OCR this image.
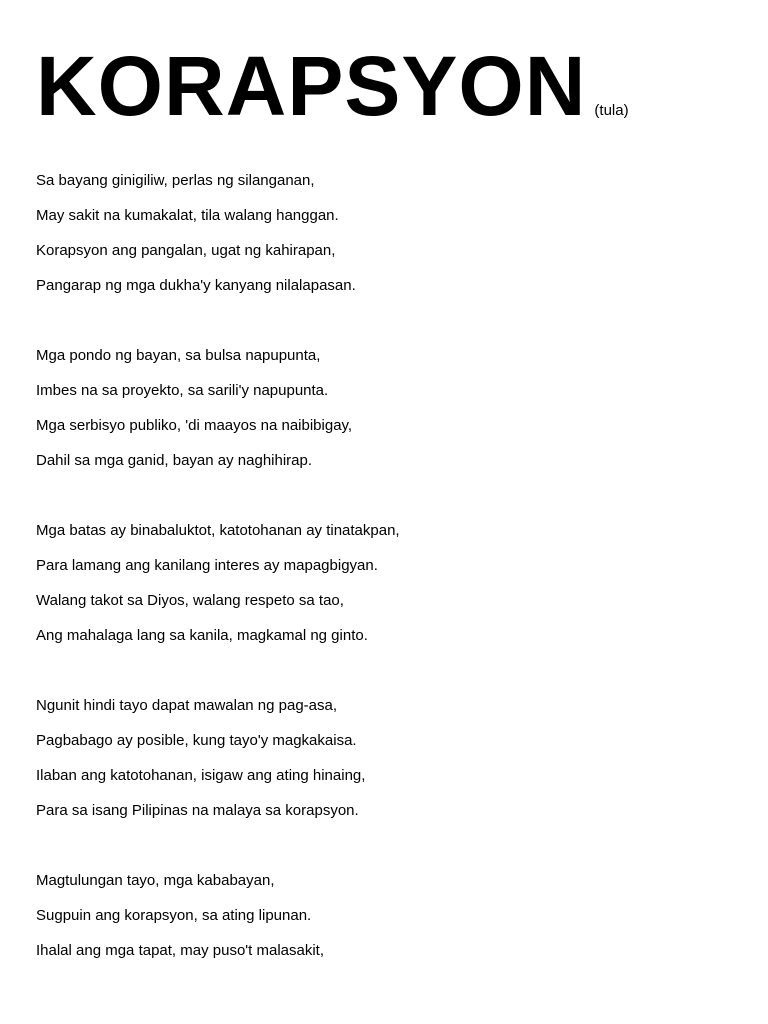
KORAPSYON (tula)
Sa bayang ginigiliw, perlas ng silanganan,
May sakit na kumakalat, tila walang hanggan.
Korapsyon ang pangalan, ugat ng kahirapan,
Pangarap ng mga dukha'y kanyang nilalapasan.
Mga pondo ng bayan, sa bulsa napupunta,
Imbes na sa proyekto, sa sarili'y napupunta.
Mga serbisyo publiko, 'di maayos na naibibigay,
Dahil sa mga ganid, bayan ay naghihirap.
Mga batas ay binabaluktot, katotohanan ay tinatakpan,
Para lamang ang kanilang interes ay mapagbigyan.
Walang takot sa Diyos, walang respeto sa tao,
Ang mahalaga lang sa kanila, magkamal ng ginto.
Ngunit hindi tayo dapat mawalan ng pag-asa,
Pagbabago ay posible, kung tayo'y magkakaisa.
Ilaban ang katotohanan, isigaw ang ating hinaing,
Para sa isang Pilipinas na malaya sa korapsyon.
Magtulungan tayo, mga kababayan,
Sugpuin ang korapsyon, sa ating lipunan.
Ihalal ang mga tapat, may puso't malasakit,
